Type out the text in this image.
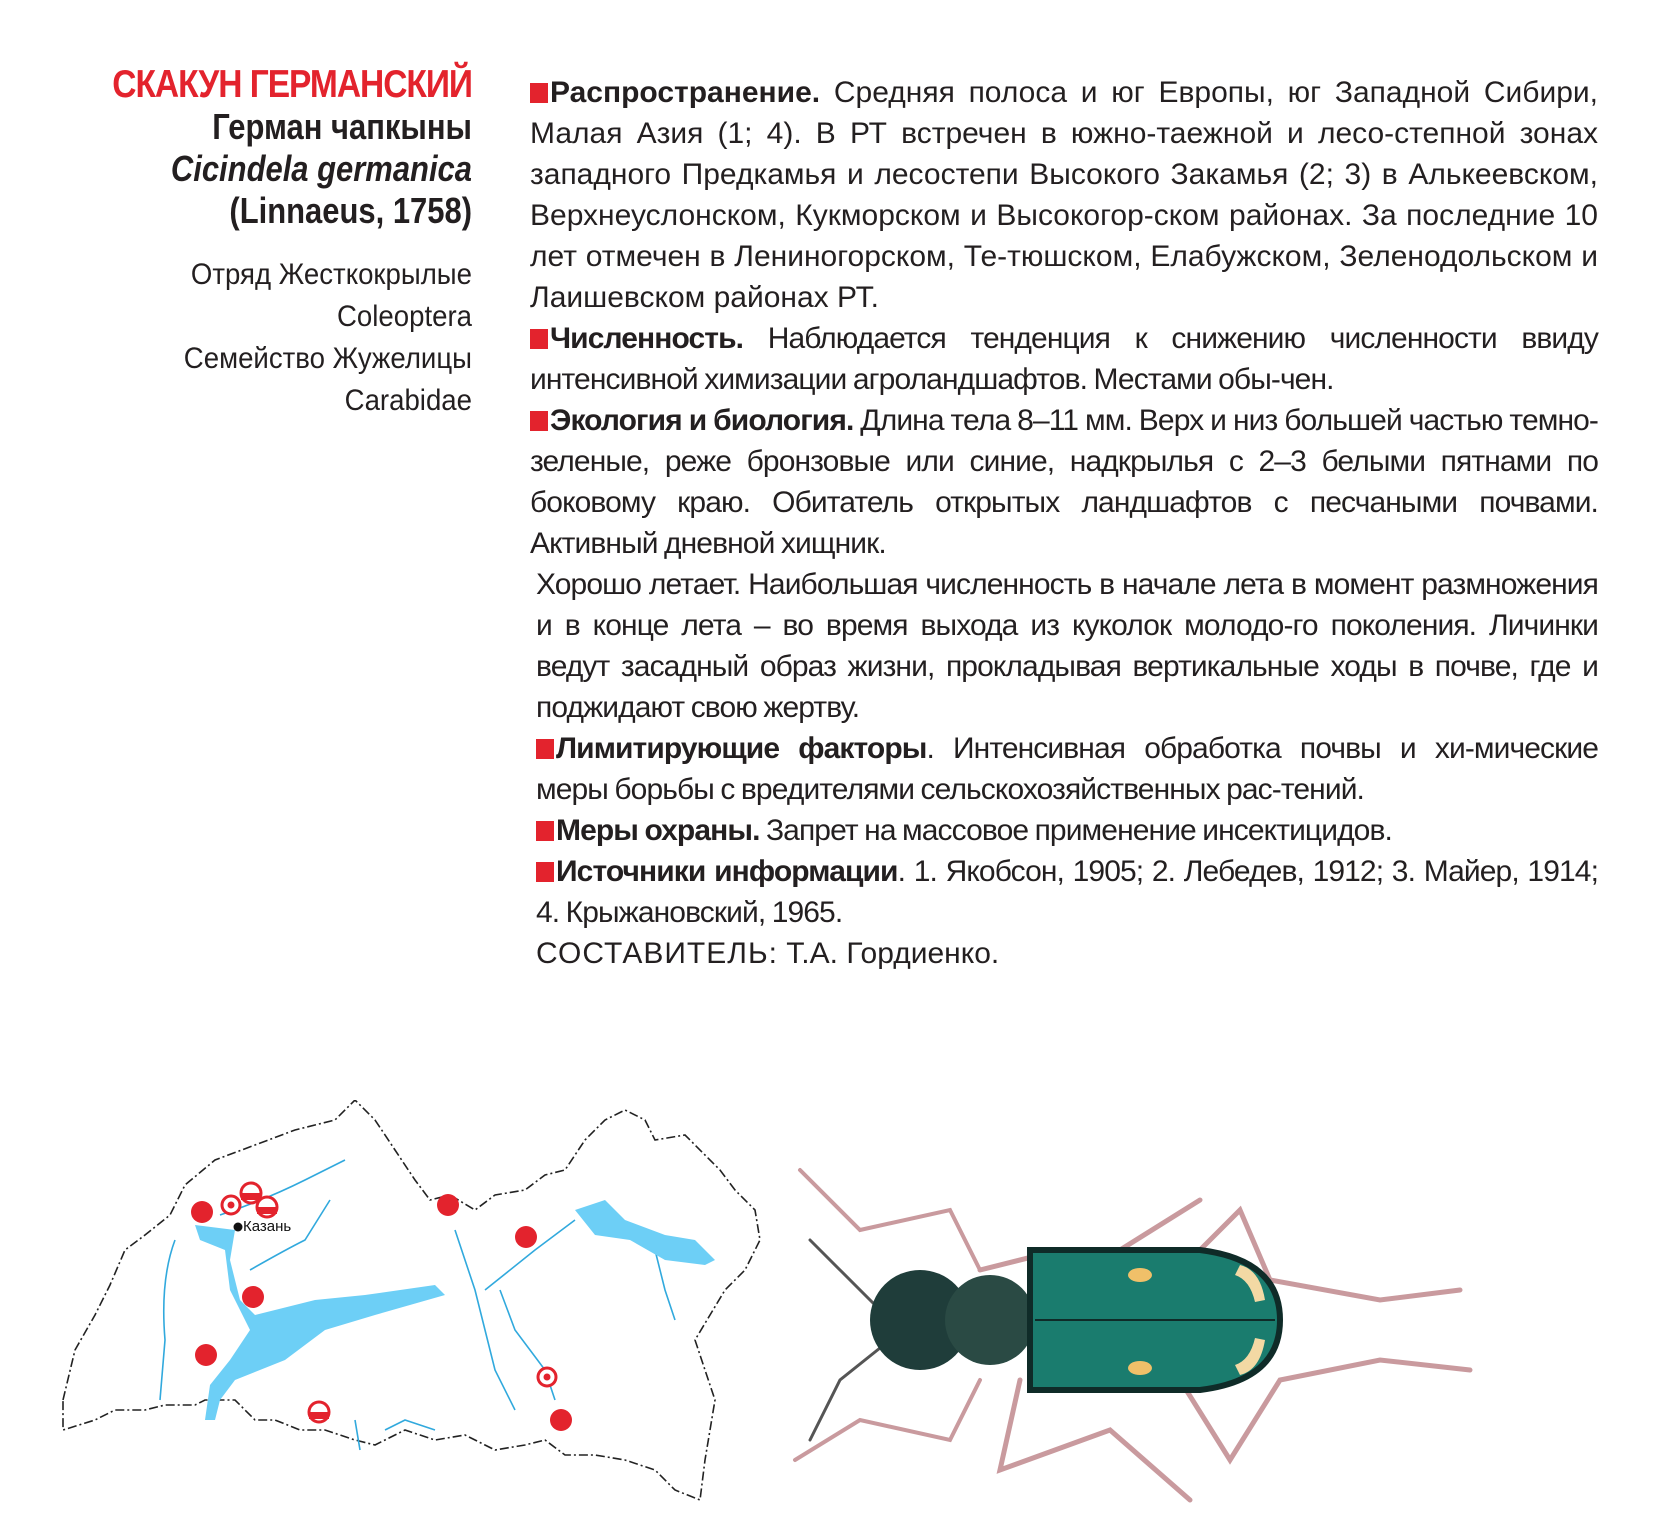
СКАКУН ГЕРМАНСКИЙ
Герман чапкыны
Cicindela germanica
(Linnaeus, 1758)
Отряд Жесткокрылые
Coleoptera
Семейство Жужелицы
Carabidae

Распространение. Средняя полоса и юг Европы, юг Западной Сибири, Малая Азия (1; 4). В РТ встречен в южно-таежной и лесо-степной зонах западного Предкамья и лесостепи Высокого Закамья (2; 3) в Алькеевском, Верхнеуслонском, Кукморском и Высокогор-ском районах. За последние 10 лет отмечен в Лениногорском, Те-тюшском, Елабужском, Зеленодольском и Лаишевском районах РТ.

Численность. Наблюдается тенденция к снижению численности ввиду интенсивной химизации агроландшафтов. Местами обы-чен.

Экология и биология. Длина тела 8–11 мм. Верх и низ большей частью темно-зеленые, реже бронзовые или синие, надкрылья с 2–3 белыми пятнами по боковому краю. Обитатель открытых ландшафтов с песчаными почвами. Активный дневной хищник.

Хорошо летает. Наибольшая численность в начале лета в момент размножения и в конце лета – во время выхода из куколок молодо-го поколения. Личинки ведут засадный образ жизни, прокладывая вертикальные ходы в почве, где и поджидают свою жертву.

Лимитирующие факторы. Интенсивная обработка почвы и хи-мические меры борьбы с вредителями сельскохозяйственных рас-тений.

Меры охраны. Запрет на массовое применение инсектицидов.

Источники информации. 1. Якобсон, 1905; 2. Лебедев, 1912; 3. Майер, 1914; 4. Крыжановский, 1965.

СОСТАВИТЕЛЬ: Т.А. Гордиенко.

Казань
